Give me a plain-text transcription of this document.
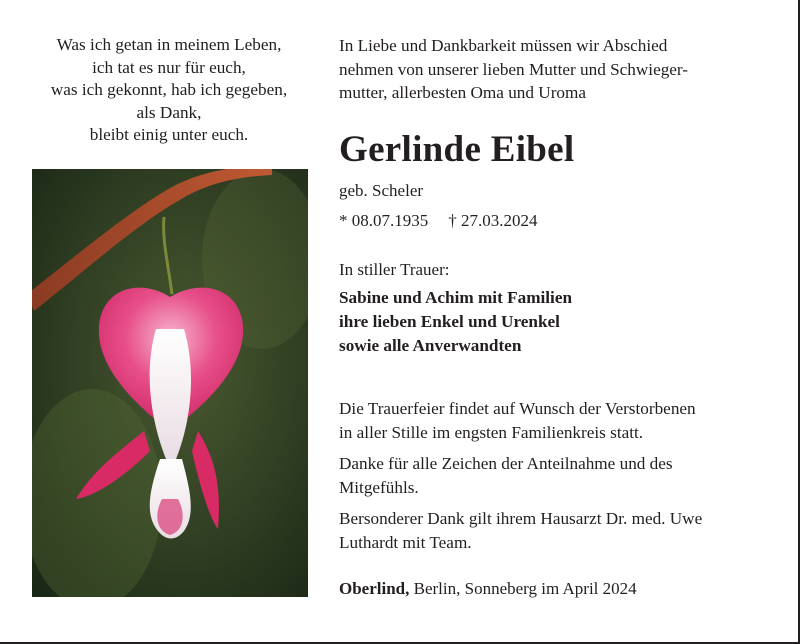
Was ich getan in meinem Leben,
ich tat es nur für euch,
was ich gekonnt, hab ich gegeben,
als Dank,
bleibt einig unter euch.
In Liebe und Dankbarkeit müssen wir Abschied
nehmen von unserer lieben Mutter und Schwieger-
mutter, allerbesten Oma und Uroma
Gerlinde Eibel
geb. Scheler
* 08.07.1935 † 27.03.2024
In stiller Trauer:
Sabine und Achim mit Familien
ihre lieben Enkel und Urenkel
sowie alle Anverwandten
Die Trauerfeier findet auf Wunsch der Verstorbenen
in aller Stille im engsten Familienkreis statt.
Danke für alle Zeichen der Anteilnahme und des
Mitgefühls.
Bersonderer Dank gilt ihrem Hausarzt Dr. med. Uwe
Luthardt mit Team.
Oberlind, Berlin, Sonneberg im April 2024
